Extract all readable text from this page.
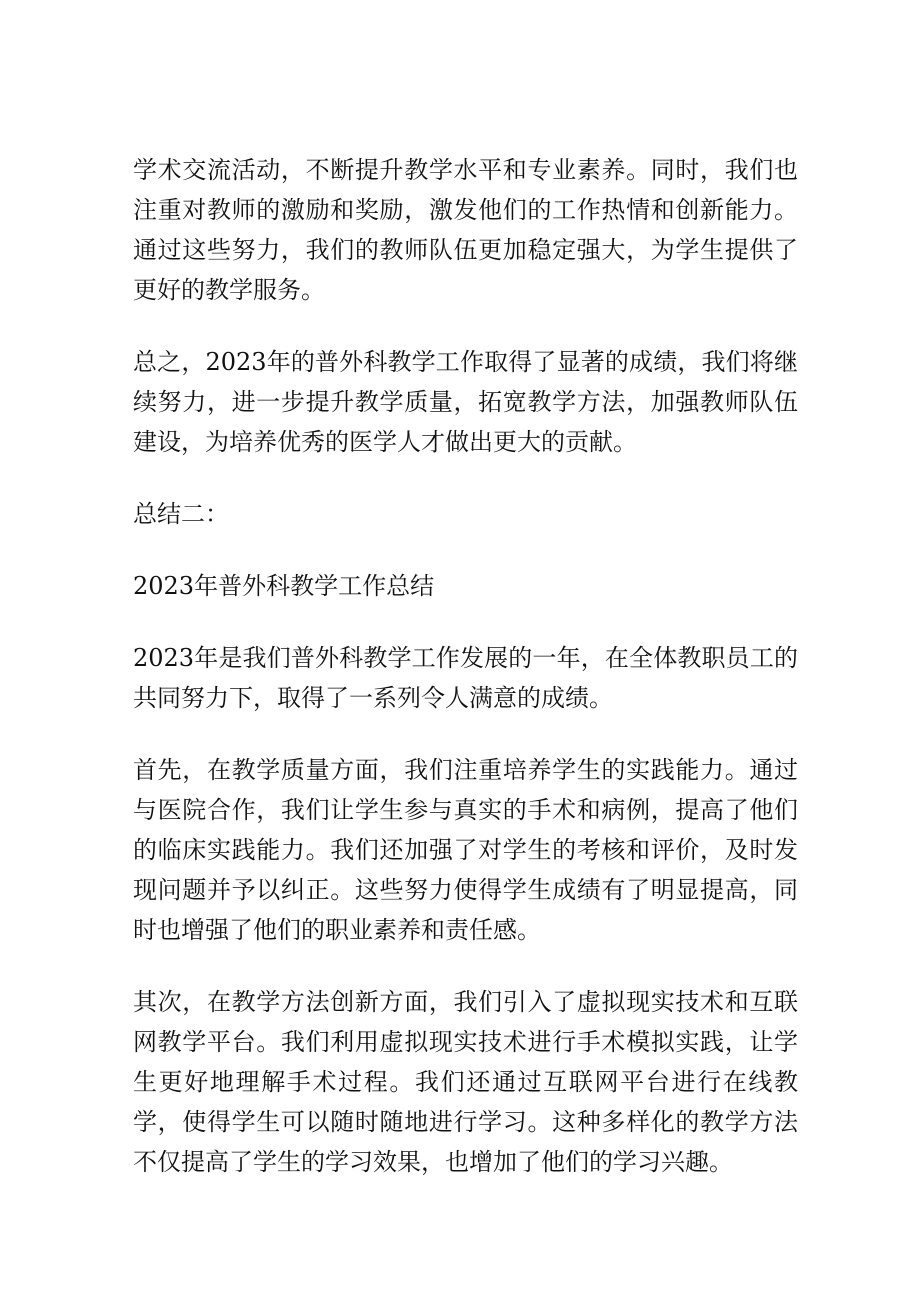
学术交流活动，不断提升教学水平和专业素养。同时，我们也注重对教师的激励和奖励，激发他们的工作热情和创新能力。通过这些努力，我们的教师队伍更加稳定强大，为学生提供了更好的教学服务。

总之，2023年的普外科教学工作取得了显著的成绩，我们将继续努力，进一步提升教学质量，拓宽教学方法，加强教师队伍建设，为培养优秀的医学人才做出更大的贡献。

总结二：

2023年普外科教学工作总结

2023年是我们普外科教学工作发展的一年，在全体教职员工的共同努力下，取得了一系列令人满意的成绩。

首先，在教学质量方面，我们注重培养学生的实践能力。通过与医院合作，我们让学生参与真实的手术和病例，提高了他们的临床实践能力。我们还加强了对学生的考核和评价，及时发现问题并予以纠正。这些努力使得学生成绩有了明显提高，同时也增强了他们的职业素养和责任感。

其次，在教学方法创新方面，我们引入了虚拟现实技术和互联网教学平台。我们利用虚拟现实技术进行手术模拟实践，让学生更好地理解手术过程。我们还通过互联网平台进行在线教学，使得学生可以随时随地进行学习。这种多样化的教学方法不仅提高了学生的学习效果，也增加了他们的学习兴趣。
